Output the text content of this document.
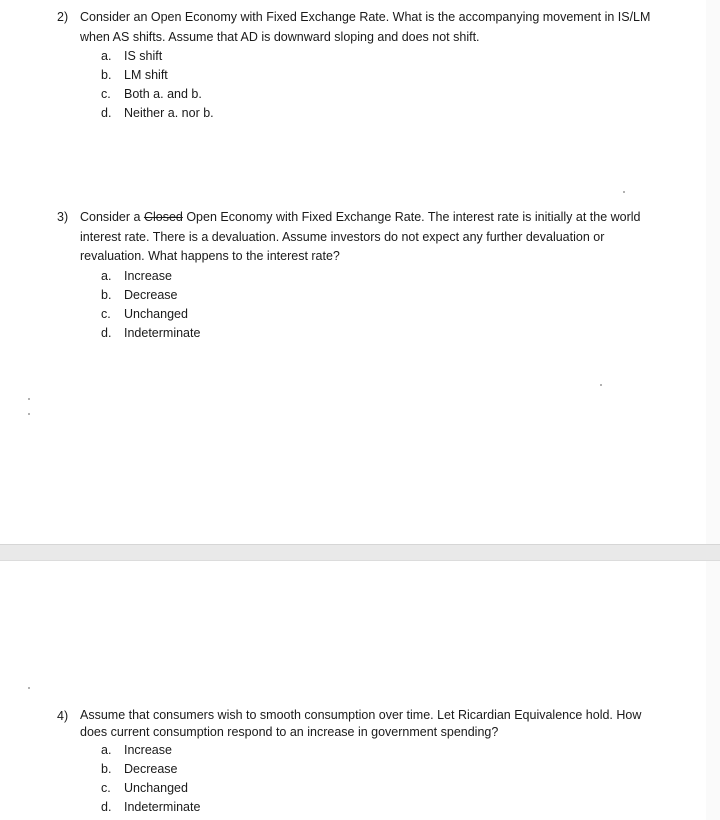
2) Consider an Open Economy with Fixed Exchange Rate. What is the accompanying movement in IS/LM when AS shifts. Assume that AD is downward sloping and does not shift.
a.	IS shift
b.	LM shift
c.	Both a. and b.
d.	Neither a. nor b.
3) Consider a Closed Open Economy with Fixed Exchange Rate. The interest rate is initially at the world interest rate. There is a devaluation. Assume investors do not expect any further devaluation or revaluation. What happens to the interest rate?
a.	Increase
b.	Decrease
c.	Unchanged
d.	Indeterminate
4) Assume that consumers wish to smooth consumption over time. Let Ricardian Equivalence hold. How does current consumption respond to an increase in government spending?
a.	Increase
b.	Decrease
c.	Unchanged
d.	Indeterminate
